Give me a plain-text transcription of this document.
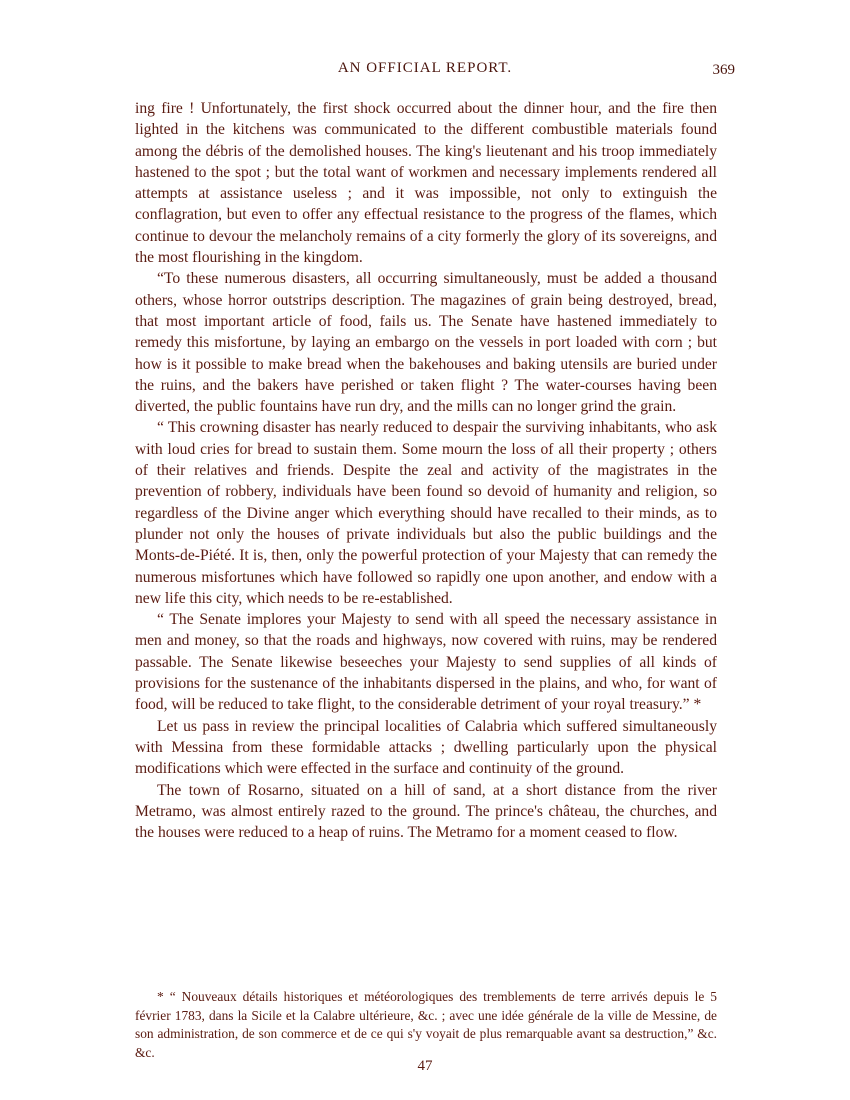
AN OFFICIAL REPORT.	369

ing fire ! Unfortunately, the first shock occurred about the dinner hour, and the fire then lighted in the kitchens was communicated to the different combustible materials found among the débris of the demolished houses. The king's lieutenant and his troop immediately hastened to the spot ; but the total want of workmen and necessary implements rendered all attempts at assistance useless ; and it was impossible, not only to extinguish the conflagration, but even to offer any effectual resistance to the progress of the flames, which continue to devour the melancholy remains of a city formerly the glory of its sovereigns, and the most flourishing in the kingdom.

“To these numerous disasters, all occurring simultaneously, must be added a thousand others, whose horror outstrips description. The magazines of grain being destroyed, bread, that most important article of food, fails us. The Senate have hastened immediately to remedy this misfortune, by laying an embargo on the vessels in port loaded with corn ; but how is it possible to make bread when the bakehouses and baking utensils are buried under the ruins, and the bakers have perished or taken flight ? The water-courses having been diverted, the public fountains have run dry, and the mills can no longer grind the grain.

“ This crowning disaster has nearly reduced to despair the surviving inhabitants, who ask with loud cries for bread to sustain them. Some mourn the loss of all their property ; others of their relatives and friends. Despite the zeal and activity of the magistrates in the prevention of robbery, individuals have been found so devoid of humanity and religion, so regardless of the Divine anger which everything should have recalled to their minds, as to plunder not only the houses of private individuals but also the public buildings and the Monts-de-Piété. It is, then, only the powerful protection of your Majesty that can remedy the numerous misfortunes which have followed so rapidly one upon another, and endow with a new life this city, which needs to be re-established.

“ The Senate implores your Majesty to send with all speed the necessary assistance in men and money, so that the roads and highways, now covered with ruins, may be rendered passable. The Senate likewise beseeches your Majesty to send supplies of all kinds of provisions for the sustenance of the inhabitants dispersed in the plains, and who, for want of food, will be reduced to take flight, to the considerable detriment of your royal treasury.” *

Let us pass in review the principal localities of Calabria which suffered simultaneously with Messina from these formidable attacks ; dwelling particularly upon the physical modifications which were effected in the surface and continuity of the ground.

The town of Rosarno, situated on a hill of sand, at a short distance from the river Metramo, was almost entirely razed to the ground. The prince's château, the churches, and the houses were reduced to a heap of ruins. The Metramo for a moment ceased to flow.

* “ Nouveaux détails historiques et météorologiques des tremblements de terre arrivés depuis le 5 février 1783, dans la Sicile et la Calabre ultérieure, &c. ; avec une idée générale de la ville de Messine, de son administration, de son commerce et de ce qui s'y voyait de plus remarquable avant sa destruction,” &c. &c.

47
